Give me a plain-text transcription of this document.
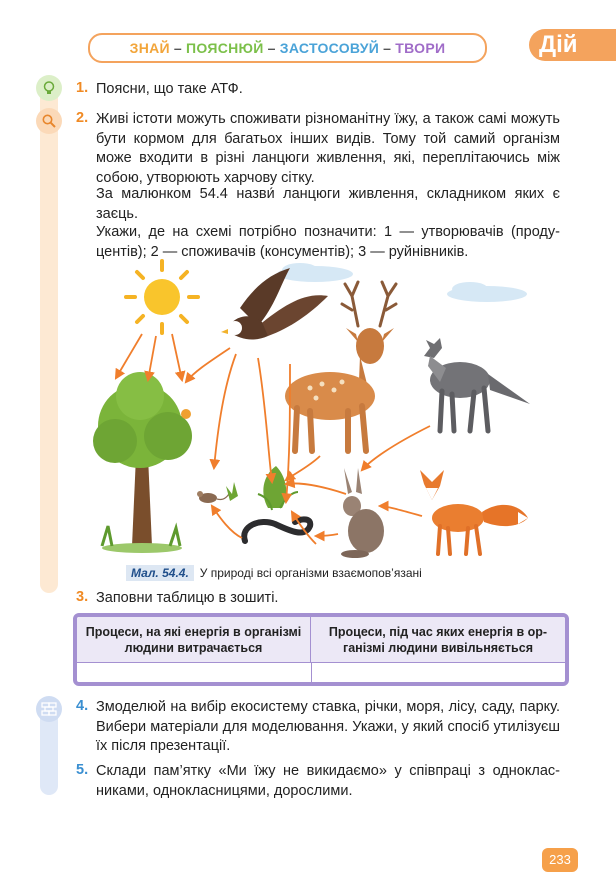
ЗНАЙ – ПОЯСНЮЙ – ЗАСТОСОВУЙ – ТВОРИ	Дій
1. Поясни, що таке АТФ.
2. Живі істоти можуть споживати різноманітну їжу, а також самі можуть бути кормом для багатьох інших видів. Тому той самий організм може входити в різні ланцюги живлення, які, переплітаючись між собою, утворюють харчову сітку.
За малюнком 54.4 назви́ ланцюги живлення, складником яких є заєць.
Укажи, де на схемі потрібно позначити: 1 — утворювачів (продуцентів); 2 — споживачів (консументів); 3 — руйнівників.
Мал. 54.4. У природі всі організми взаємопов’язані
3. Заповни таблицю в зошиті.
Процеси, на які енергія в організмі людини витрачається
Процеси, під час яких енергія в організмі людини вивільняється
4. Змоделюй на вибір екосистему ставка, річки, моря, лісу, саду, парку. Вибери матеріали для моделювання. Укажи, у який спосіб утилізуєш їх після презентації.
5. Склади пам’ятку «Ми їжу не викидаємо» у співпраці з однокласниками, однокласницями, дорослими.
233
